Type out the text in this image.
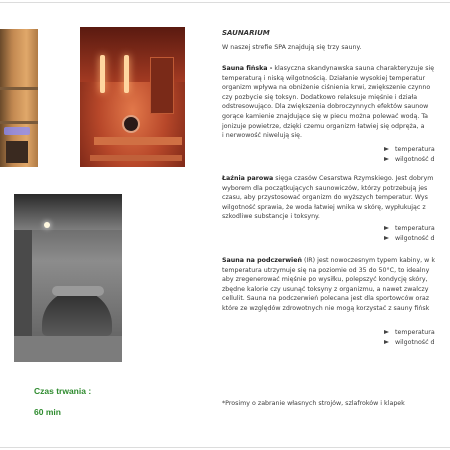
Czas trwania :
60 min
SAUNARIUM
W naszej strefie SPA znajdują się trzy sauny.
Sauna fińska - klasyczna skandynawska sauna charakteryzuje się
temperaturą i niską wilgotnością. Działanie wysokiej temperatur
organizm wpływa na obniżenie ciśnienia krwi, zwiększenie czynno
czy pozbycie się toksyn. Dodatkowo relaksuje mięśnie i działa
odstresowująco. Dla zwiększenia dobroczynnych efektów saunow
gorące kamienie znajdujące się w piecu można polewać wodą. Ta
jonizuje powietrze, dzięki czemu organizm łatwiej się odpręża, a
i nerwowość niwelują się.
temperatura
wilgotność d
Łaźnia parowa sięga czasów Cesarstwa Rzymskiego. Jest dobrym
wyborem dla początkujących saunowiczów, którzy potrzebują jes
czasu, aby przystosować organizm do wyższych temperatur. Wys
wilgotność sprawia, że woda łatwiej wnika w skórę, wypłukując z
szkodliwe substancje i toksyny.
temperatura
wilgotność d
Sauna na podczerwień (IR) jest nowoczesnym typem kabiny, w k
temperatura utrzymuje się na poziomie od 35 do 50°C, to idealny
aby zregenerować mięśnie po wysiłku, polepszyć kondycję skóry,
zbędne kalorie czy usunąć toksyny z organizmu, a nawet zwalczy
cellulit. Sauna na podczerwień polecana jest dla sportowców oraz
które ze względów zdrowotnych nie mogą korzystać z sauny fińsk
temperatura
wilgotność d
*Prosimy o zabranie własnych strojów, szlafroków i klapek
